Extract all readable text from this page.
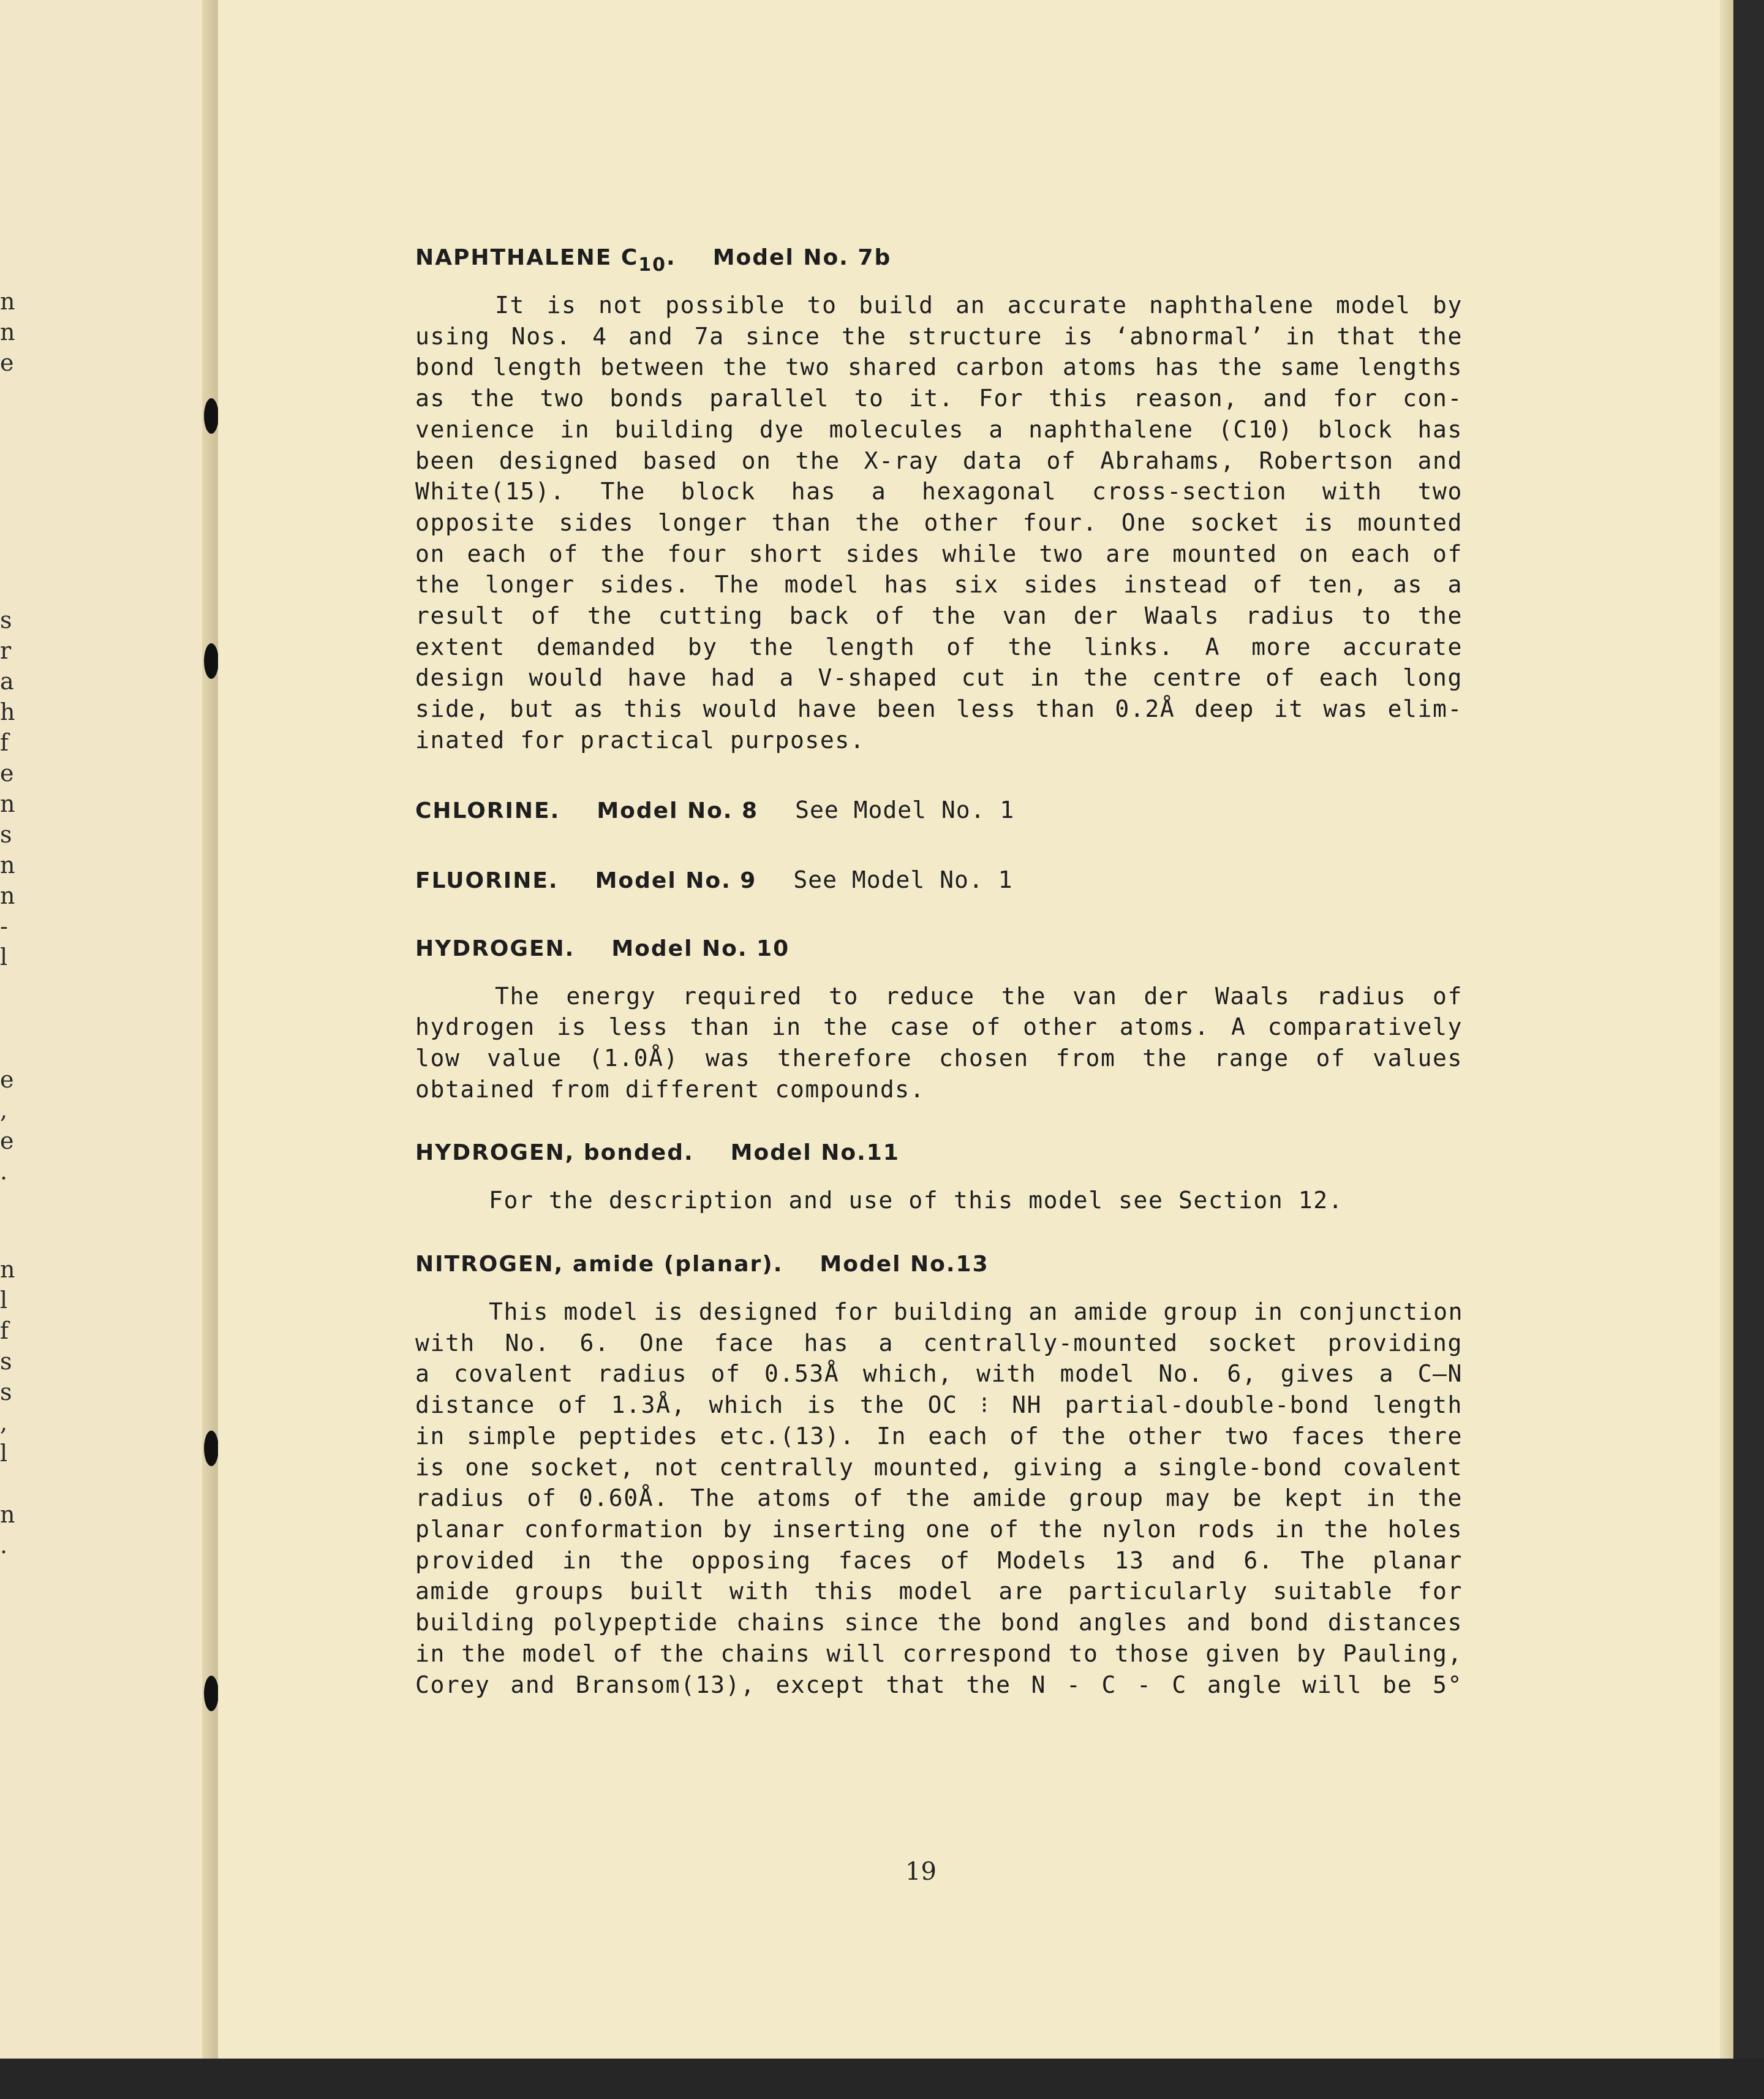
n
n
e
s
r
a
h
f
e
n
s
n
n
-
l
e
,
e
.
n
l
f
s
s
,
l
n
.

NAPHTHALENE $C_{10}$. Model No. 7b

It is not possible to build an accurate naphthalene model by
using Nos. 4 and 7a since the structure is ‘abnormal’ in that the
bond length between the two shared carbon atoms has the same lengths
as the two bonds parallel to it. For this reason, and for con-
venience in building dye molecules a naphthalene (C10) block has
been designed based on the X-ray data of Abrahams, Robertson and
White(15). The block has a hexagonal cross-section with two
opposite sides longer than the other four. One socket is mounted
on each of the four short sides while two are mounted on each of
the longer sides. The model has six sides instead of ten, as a
result of the cutting back of the van der Waals radius to the
extent demanded by the length of the links. A more accurate
design would have had a V-shaped cut in the centre of each long
side, but as this would have been less than 0.2Å deep it was elim-
inated for practical purposes.

CHLORINE. Model No. 8 See Model No. 1

FLUORINE. Model No. 9 See Model No. 1

HYDROGEN. Model No. 10

The energy required to reduce the van der Waals radius of
hydrogen is less than in the case of other atoms. A comparatively
low value (1.0Å) was therefore chosen from the range of values
obtained from different compounds.

HYDROGEN, bonded. Model No.11

For the description and use of this model see Section 12.

NITROGEN, amide (planar). Model No.13

This model is designed for building an amide group in conjunction
with No. 6. One face has a centrally-mounted socket providing
a covalent radius of 0.53Å which, with model No. 6, gives a C—N
distance of 1.3Å, which is the OC ⁝ NH partial-double-bond length
in simple peptides etc.(13). In each of the other two faces there
is one socket, not centrally mounted, giving a single-bond covalent
radius of 0.60Å. The atoms of the amide group may be kept in the
planar conformation by inserting one of the nylon rods in the holes
provided in the opposing faces of Models 13 and 6. The planar
amide groups built with this model are particularly suitable for
building polypeptide chains since the bond angles and bond distances
in the model of the chains will correspond to those given by Pauling,
Corey and Bransom(13), except that the N - C - C angle will be 5°
19
